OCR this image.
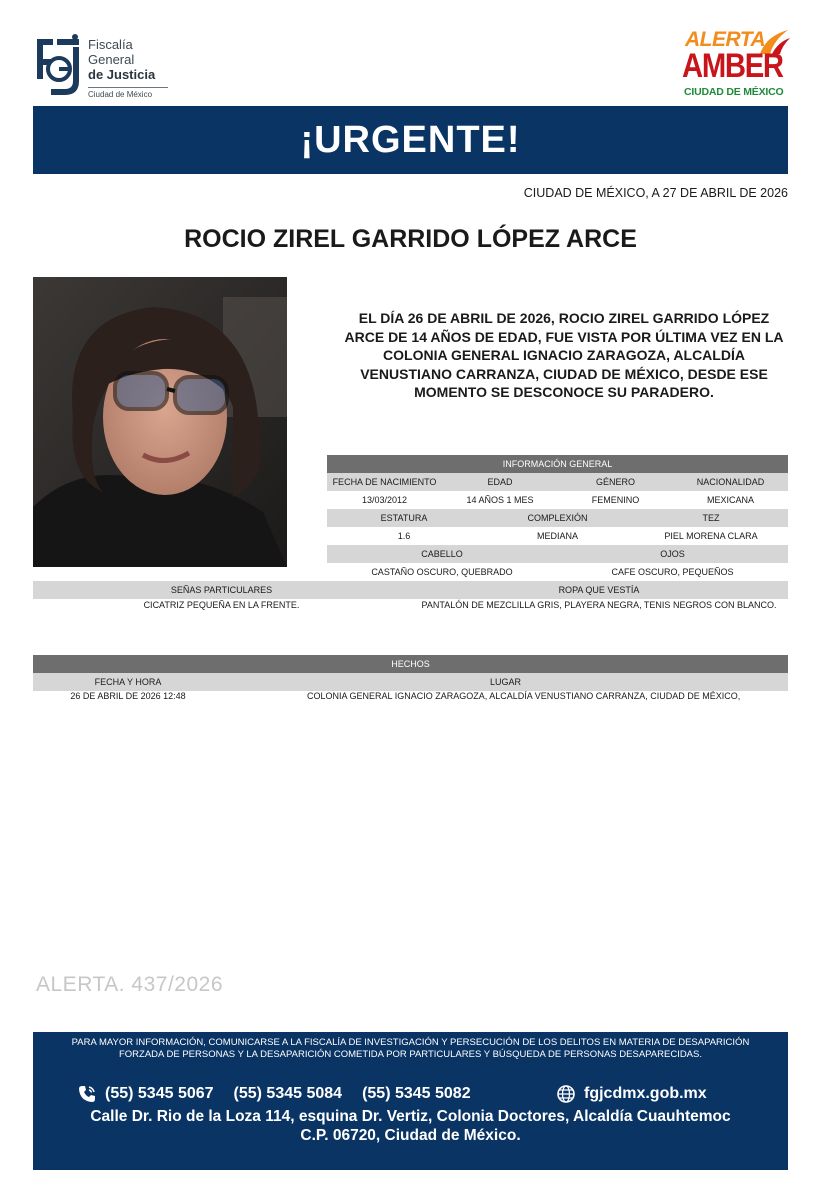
Fiscalía
General
de Justicia
Ciudad de México
ALERTA
AMBER
CIUDAD DE MÉXICO
¡URGENTE!
CIUDAD DE MÉXICO, A 27 DE ABRIL DE 2026
ROCIO ZIREL GARRIDO LÓPEZ ARCE
EL DÍA 26 DE ABRIL DE 2026, ROCIO ZIREL GARRIDO LÓPEZ ARCE DE 14 AÑOS DE EDAD, FUE VISTA POR ÚLTIMA VEZ EN LA COLONIA GENERAL IGNACIO ZARAGOZA, ALCALDÍA VENUSTIANO CARRANZA, CIUDAD DE MÉXICO, DESDE ESE MOMENTO SE DESCONOCE SU PARADERO.
INFORMACIÓN GENERAL
FECHA DE NACIMIENTO	EDAD	GÉNERO	NACIONALIDAD
13/03/2012	14 AÑOS 1 MES	FEMENINO	MEXICANA
ESTATURA	COMPLEXIÓN	TEZ
1.6	MEDIANA	PIEL MORENA CLARA
CABELLO	OJOS
CASTAÑO OSCURO, QUEBRADO	CAFE OSCURO, PEQUEÑOS
SEÑAS PARTICULARES	ROPA QUE VESTÍA
CICATRIZ PEQUEÑA EN LA FRENTE.	PANTALÓN DE MEZCLILLA GRIS, PLAYERA NEGRA, TENIS NEGROS CON BLANCO.
HECHOS
FECHA Y HORA	LUGAR
26 DE ABRIL DE 2026 12:48	COLONIA GENERAL IGNACIO ZARAGOZA, ALCALDÍA VENUSTIANO CARRANZA, CIUDAD DE MÉXICO,
ALERTA. 437/2026
PARA MAYOR INFORMACIÓN, COMUNICARSE A LA FISCALÍA DE INVESTIGACIÓN Y PERSECUCIÓN DE LOS DELITOS EN MATERIA DE DESAPARICIÓN FORZADA DE PERSONAS Y LA DESAPARICIÓN COMETIDA POR PARTICULARES Y BÚSQUEDA DE PERSONAS DESAPARECIDAS.
(55) 5345 5067 (55) 5345 5084 (55) 5345 5082	fgjcdmx.gob.mx
Calle Dr. Rio de la Loza 114, esquina Dr. Vertiz, Colonia Doctores, Alcaldía Cuauhtemoc
C.P. 06720, Ciudad de México.
